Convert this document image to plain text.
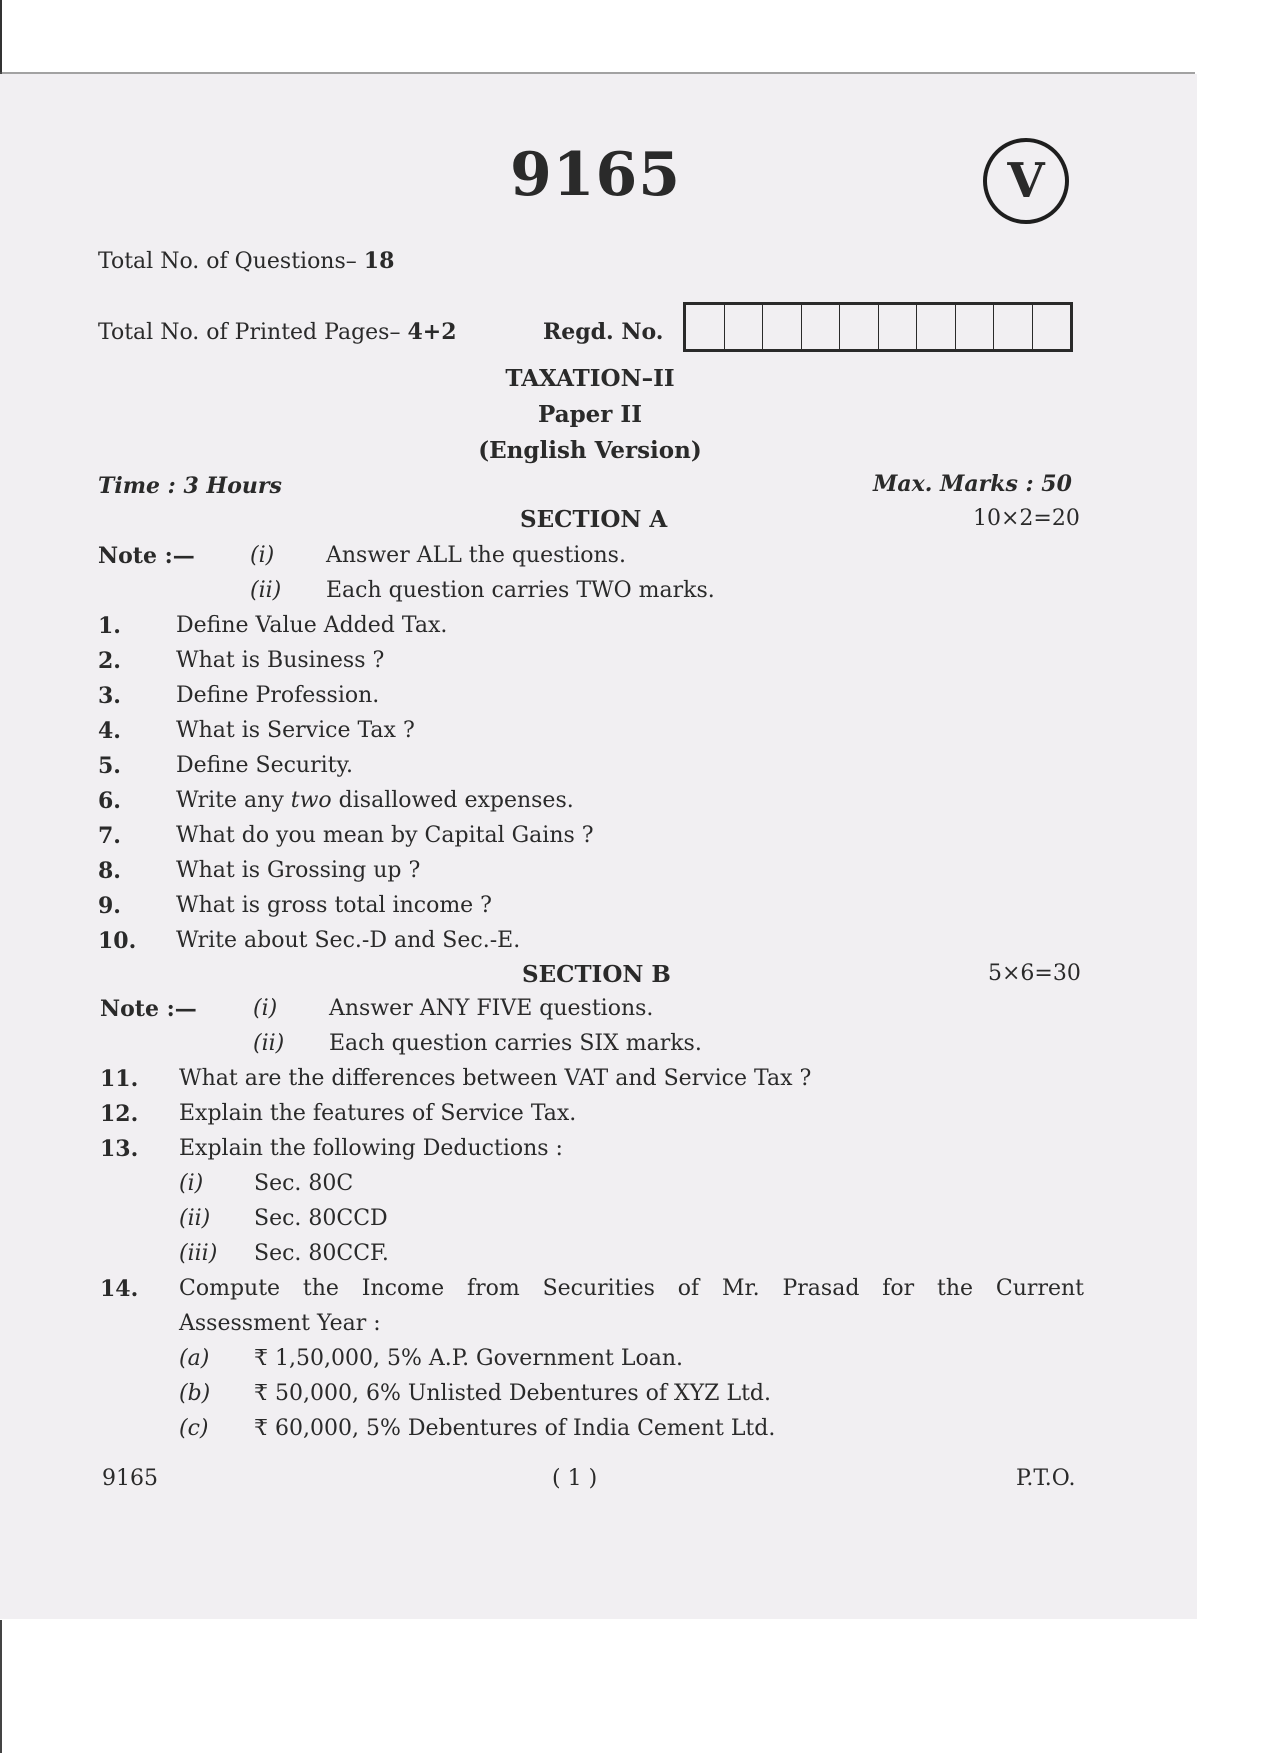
9165	V
Total No. of Questions– 18
Total No. of Printed Pages– 4+2	Regd. No.
TAXATION–II
Paper II
(English Version)
Time : 3 Hours	Max. Marks : 50
SECTION A	10×2=20
Note :—	(i) Answer ALL the questions.
(ii) Each question carries TWO marks.
1.	Define Value Added Tax.
2.	What is Business ?
3.	Define Profession.
4.	What is Service Tax ?
5.	Define Security.
6.	Write any two disallowed expenses.
7.	What do you mean by Capital Gains ?
8.	What is Grossing up ?
9.	What is gross total income ?
10. Write about Sec.-D and Sec.-E.
SECTION B	5×6=30
Note :—	(i) Answer ANY FIVE questions.
(ii) Each question carries SIX marks.
11. What are the differences between VAT and Service Tax ?
12. Explain the features of Service Tax.
13. Explain the following Deductions :
(i) Sec. 80C
(ii) Sec. 80CCD
(iii) Sec. 80CCF.
14. Compute the Income from Securities of Mr. Prasad for the Current
Assessment Year :
(a) ₹ 1,50,000, 5% A.P. Government Loan.
(b) ₹ 50,000, 6% Unlisted Debentures of XYZ Ltd.
(c) ₹ 60,000, 5% Debentures of India Cement Ltd.
9165	( 1 )	P.T.O.
